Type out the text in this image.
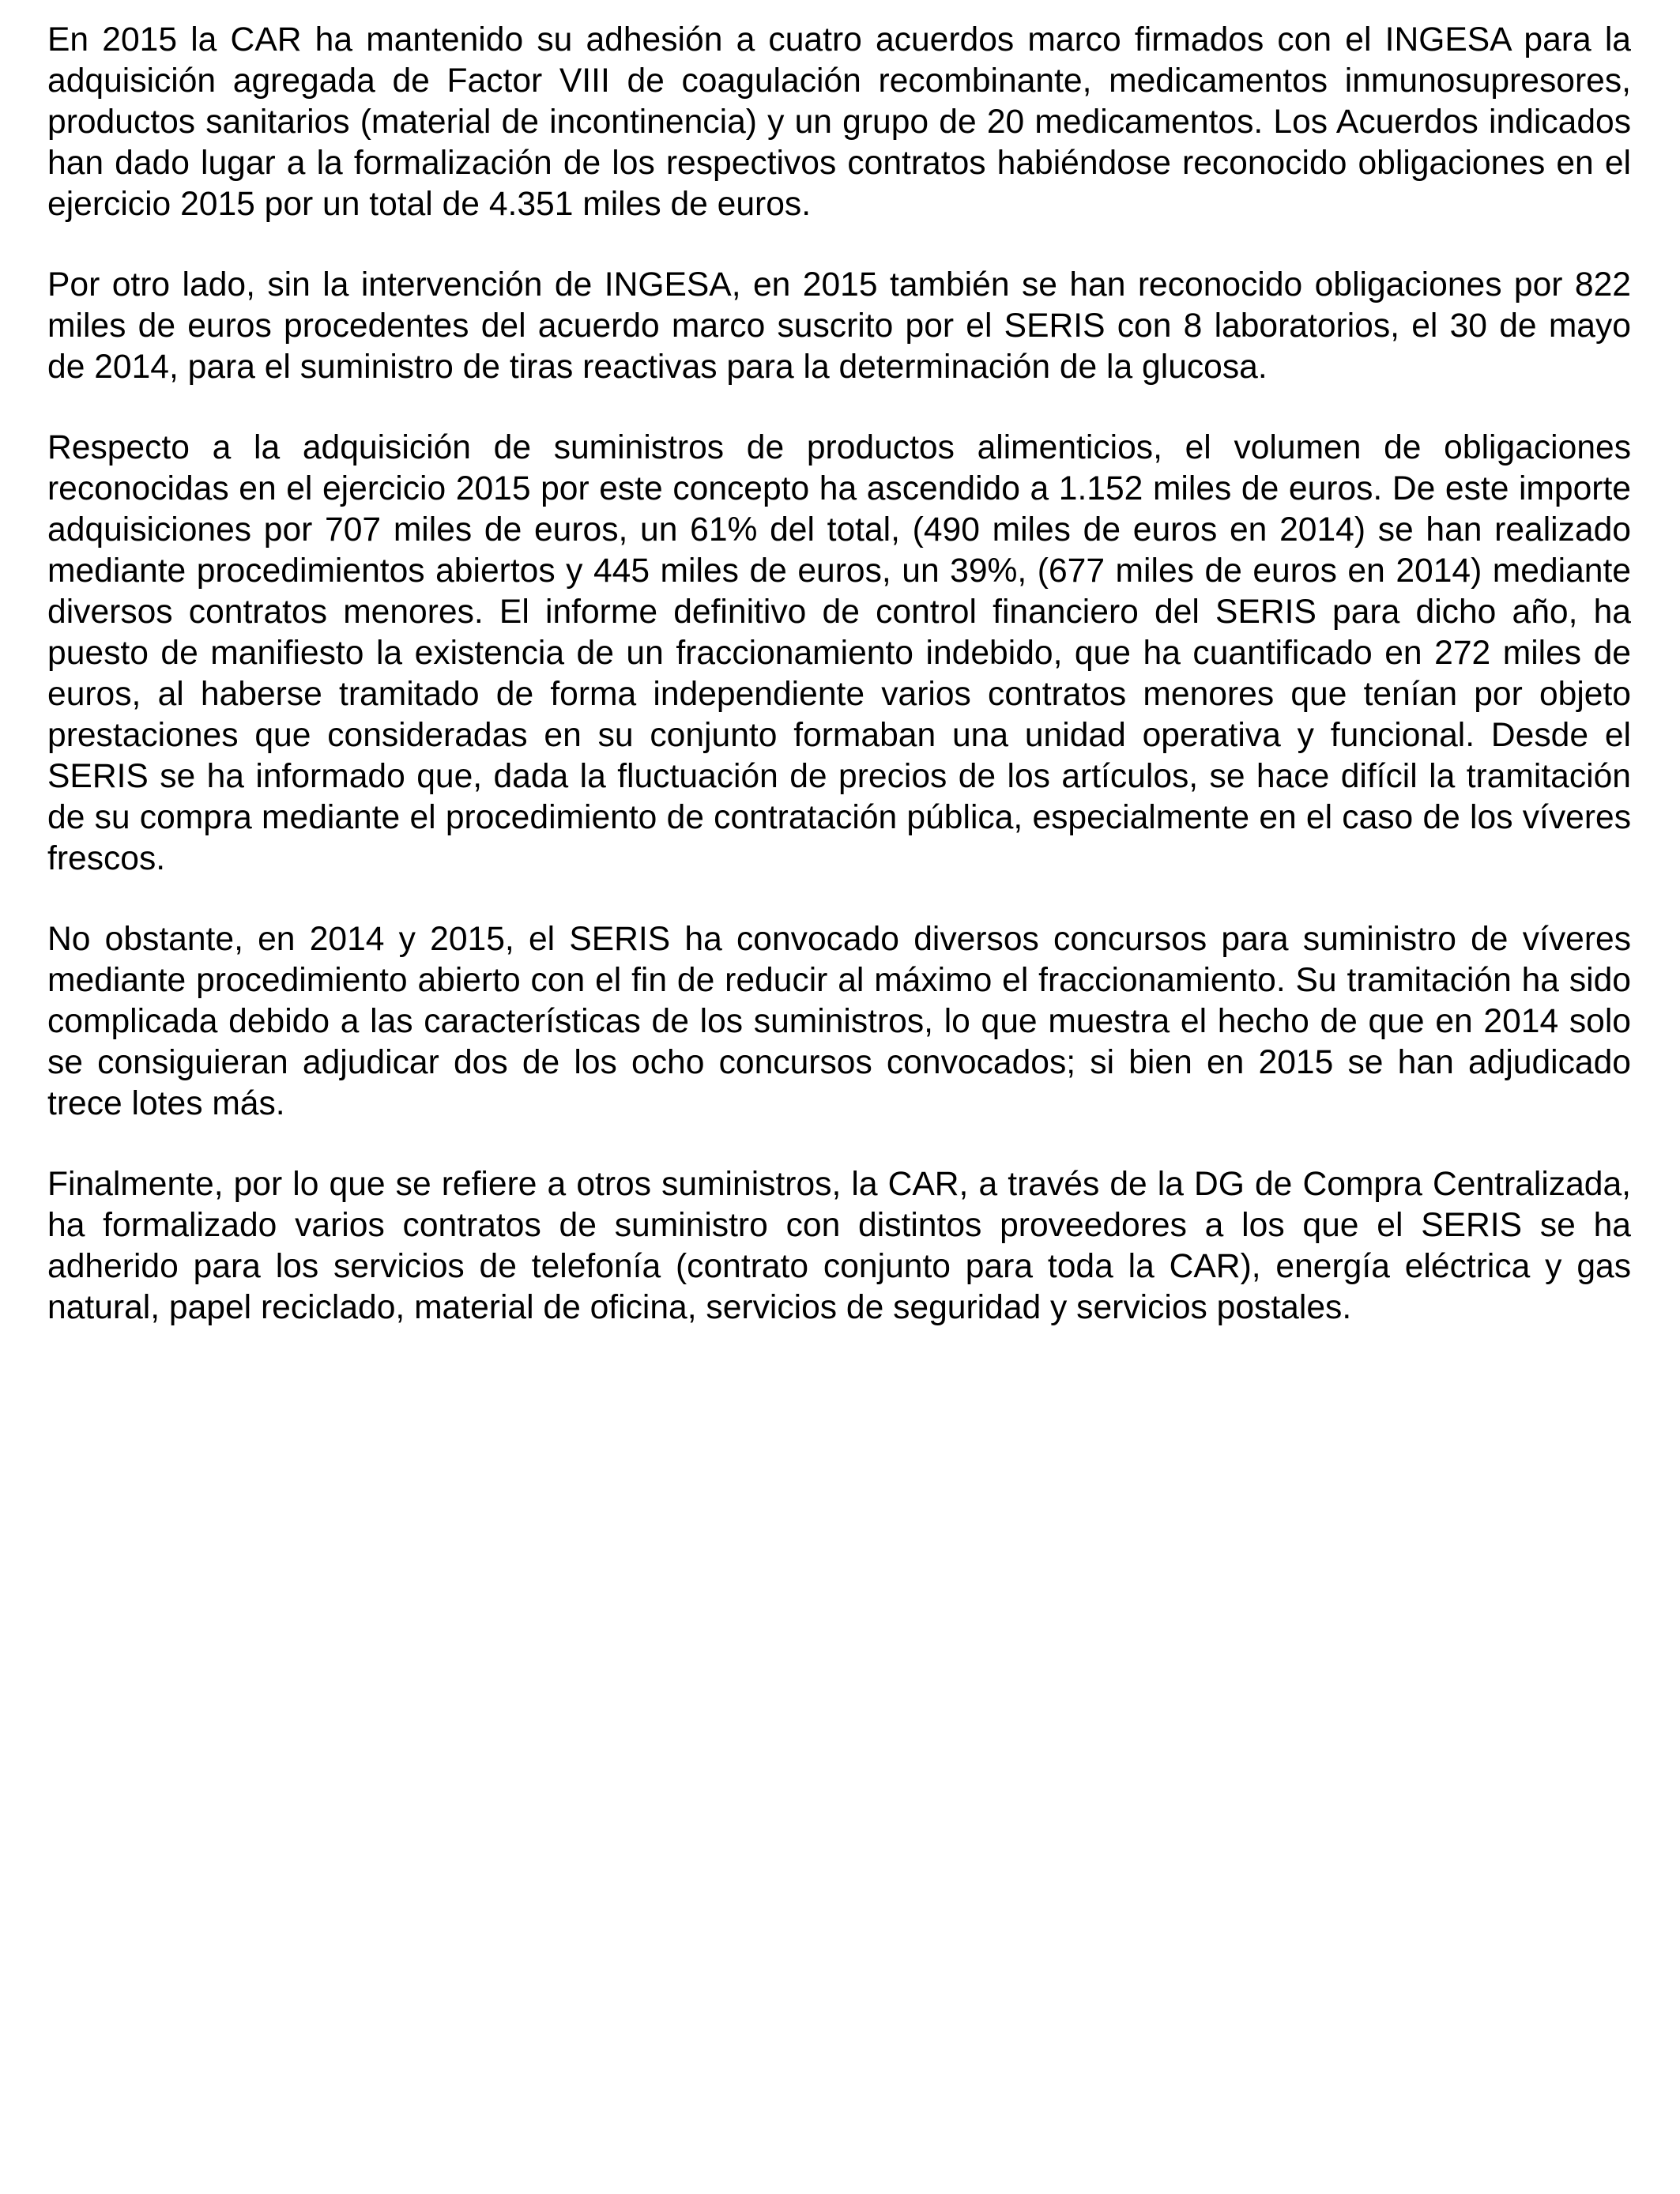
En 2015 la CAR ha mantenido su adhesión a cuatro acuerdos marco firmados con el INGESA para la adquisición agregada de Factor VIII de coagulación recombinante, medicamentos inmunosupresores, productos sanitarios (material de incontinencia) y un grupo de 20 medicamentos. Los Acuerdos indicados han dado lugar a la formalización de los respectivos contratos habiéndose reconocido obligaciones en el ejercicio 2015 por un total de 4.351 miles de euros.

Por otro lado, sin la intervención de INGESA, en 2015 también se han reconocido obligaciones por 822 miles de euros procedentes del acuerdo marco suscrito por el SERIS con 8 laboratorios, el 30 de mayo de 2014, para el suministro de tiras reactivas para la determinación de la glucosa.

Respecto a la adquisición de suministros de productos alimenticios, el volumen de obligaciones reconocidas en el ejercicio 2015 por este concepto ha ascendido a 1.152 miles de euros. De este importe adquisiciones por 707 miles de euros, un 61% del total, (490 miles de euros en 2014) se han realizado mediante procedimientos abiertos y 445 miles de euros, un 39%, (677 miles de euros en 2014) mediante diversos contratos menores. El informe definitivo de control financiero del SERIS para dicho año, ha puesto de manifiesto la existencia de un fraccionamiento indebido, que ha cuantificado en 272 miles de euros, al haberse tramitado de forma independiente varios contratos menores que tenían por objeto prestaciones que consideradas en su conjunto formaban una unidad operativa y funcional. Desde el SERIS se ha informado que, dada la fluctuación de precios de los artículos, se hace difícil la tramitación de su compra mediante el procedimiento de contratación pública, especialmente en el caso de los víveres frescos.

No obstante, en 2014 y 2015, el SERIS ha convocado diversos concursos para suministro de víveres mediante procedimiento abierto con el fin de reducir al máximo el fraccionamiento. Su tramitación ha sido complicada debido a las características de los suministros, lo que muestra el hecho de que en 2014 solo se consiguieran adjudicar dos de los ocho concursos convocados; si bien en 2015 se han adjudicado trece lotes más.

Finalmente, por lo que se refiere a otros suministros, la CAR, a través de la DG de Compra Centralizada, ha formalizado varios contratos de suministro con distintos proveedores a los que el SERIS se ha adherido para los servicios de telefonía (contrato conjunto para toda la CAR), energía eléctrica y gas natural, papel reciclado, material de oficina, servicios de seguridad y servicios postales.
